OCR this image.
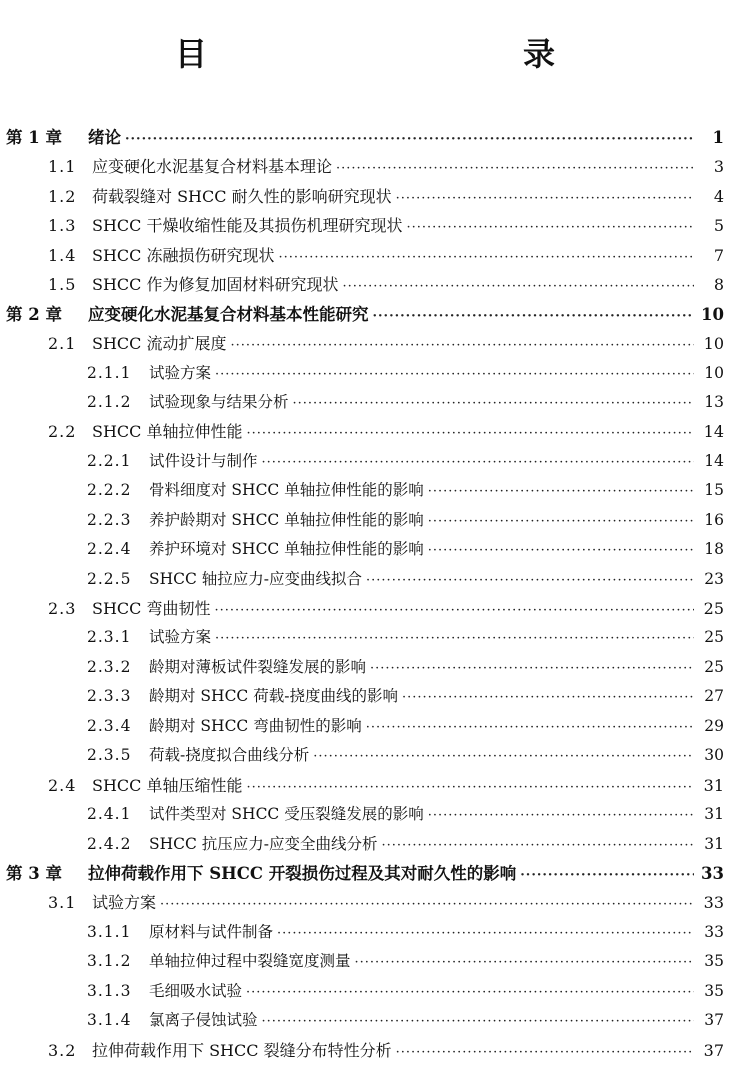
目　　录
第 1 章	绪论 ·····	1
1.1 应变硬化水泥基复合材料基本理论 ·····	3
1.2 荷载裂缝对 SHCC 耐久性的影响研究现状 ·····	4
1.3 SHCC 干燥收缩性能及其损伤机理研究现状 ·····	5
1.4 SHCC 冻融损伤研究现状 ·····	7
1.5 SHCC 作为修复加固材料研究现状 ·····	8
第 2 章	应变硬化水泥基复合材料基本性能研究 ·····	10
2.1 SHCC 流动扩展度 ·····	10
2.1.1	试验方案 ·····	10
2.1.2	试验现象与结果分析 ·····	13
2.2 SHCC 单轴拉伸性能 ·····	14
2.2.1	试件设计与制作 ·····	14
2.2.2	骨料细度对 SHCC 单轴拉伸性能的影响 ·····	15
2.2.3	养护龄期对 SHCC 单轴拉伸性能的影响 ·····	16
2.2.4	养护环境对 SHCC 单轴拉伸性能的影响 ·····	18
2.2.5	SHCC 轴拉应力-应变曲线拟合 ·····	23
2.3 SHCC 弯曲韧性 ·····	25
2.3.1	试验方案 ·····	25
2.3.2	龄期对薄板试件裂缝发展的影响 ·····	25
2.3.3	龄期对 SHCC 荷载-挠度曲线的影响 ·····	27
2.3.4	龄期对 SHCC 弯曲韧性的影响 ·····	29
2.3.5	荷载-挠度拟合曲线分析 ·····	30
2.4 SHCC 单轴压缩性能 ·····	31
2.4.1	试件类型对 SHCC 受压裂缝发展的影响 ·····	31
2.4.2	SHCC 抗压应力-应变全曲线分析 ·····	31
第 3 章	拉伸荷载作用下 SHCC 开裂损伤过程及其对耐久性的影响 ·····	33
3.1 试验方案 ·····	33
3.1.1	原材料与试件制备 ·····	33
3.1.2	单轴拉伸过程中裂缝宽度测量 ·····	35
3.1.3	毛细吸水试验 ·····	35
3.1.4	氯离子侵蚀试验 ·····	37
3.2 拉伸荷载作用下 SHCC 裂缝分布特性分析 ·····	37
